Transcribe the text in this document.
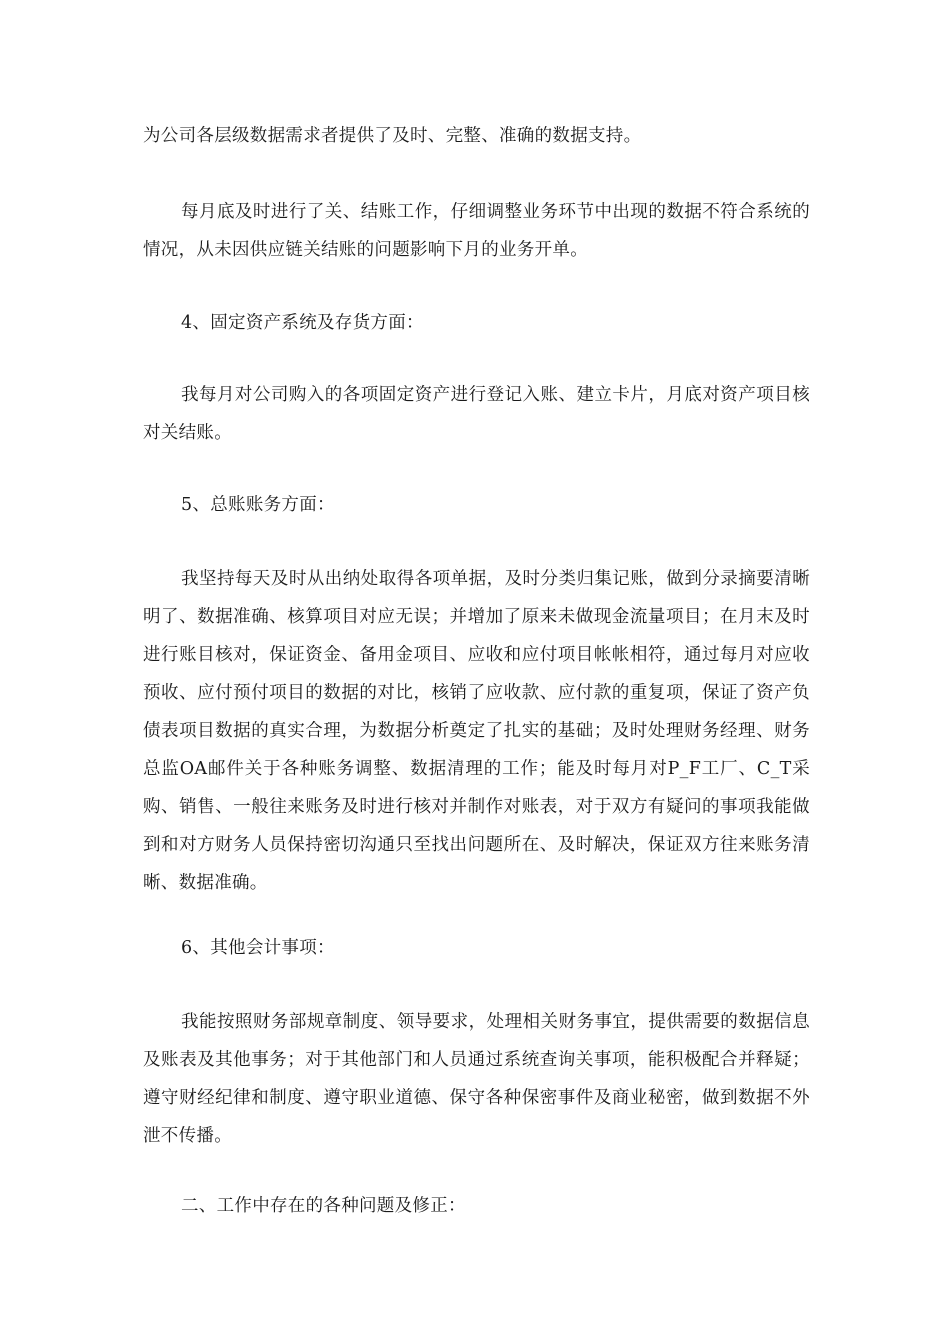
为公司各层级数据需求者提供了及时、完整、准确的数据支持。

每月底及时进行了关、结账工作，仔细调整业务环节中出现的数据不符合系统的情况，从未因供应链关结账的问题影响下月的业务开单。

4、固定资产系统及存货方面：

我每月对公司购入的各项固定资产进行登记入账、建立卡片，月底对资产项目核对关结账。

5、总账账务方面：

我坚持每天及时从出纳处取得各项单据，及时分类归集记账，做到分录摘要清晰明了、数据准确、核算项目对应无误；并增加了原来未做现金流量项目；在月末及时进行账目核对，保证资金、备用金项目、应收和应付项目帐帐相符，通过每月对应收预收、应付预付项目的数据的对比，核销了应收款、应付款的重复项，保证了资产负债表项目数据的真实合理，为数据分析奠定了扎实的基础；及时处理财务经理、财务总监OA邮件关于各种账务调整、数据清理的工作；能及时每月对P_F工厂、C_T采购、销售、一般往来账务及时进行核对并制作对账表，对于双方有疑问的事项我能做到和对方财务人员保持密切沟通只至找出问题所在、及时解决，保证双方往来账务清晰、数据准确。

6、其他会计事项：

我能按照财务部规章制度、领导要求，处理相关财务事宜，提供需要的数据信息及账表及其他事务；对于其他部门和人员通过系统查询关事项，能积极配合并释疑；遵守财经纪律和制度、遵守职业道德、保守各种保密事件及商业秘密，做到数据不外泄不传播。

二、工作中存在的各种问题及修正：
